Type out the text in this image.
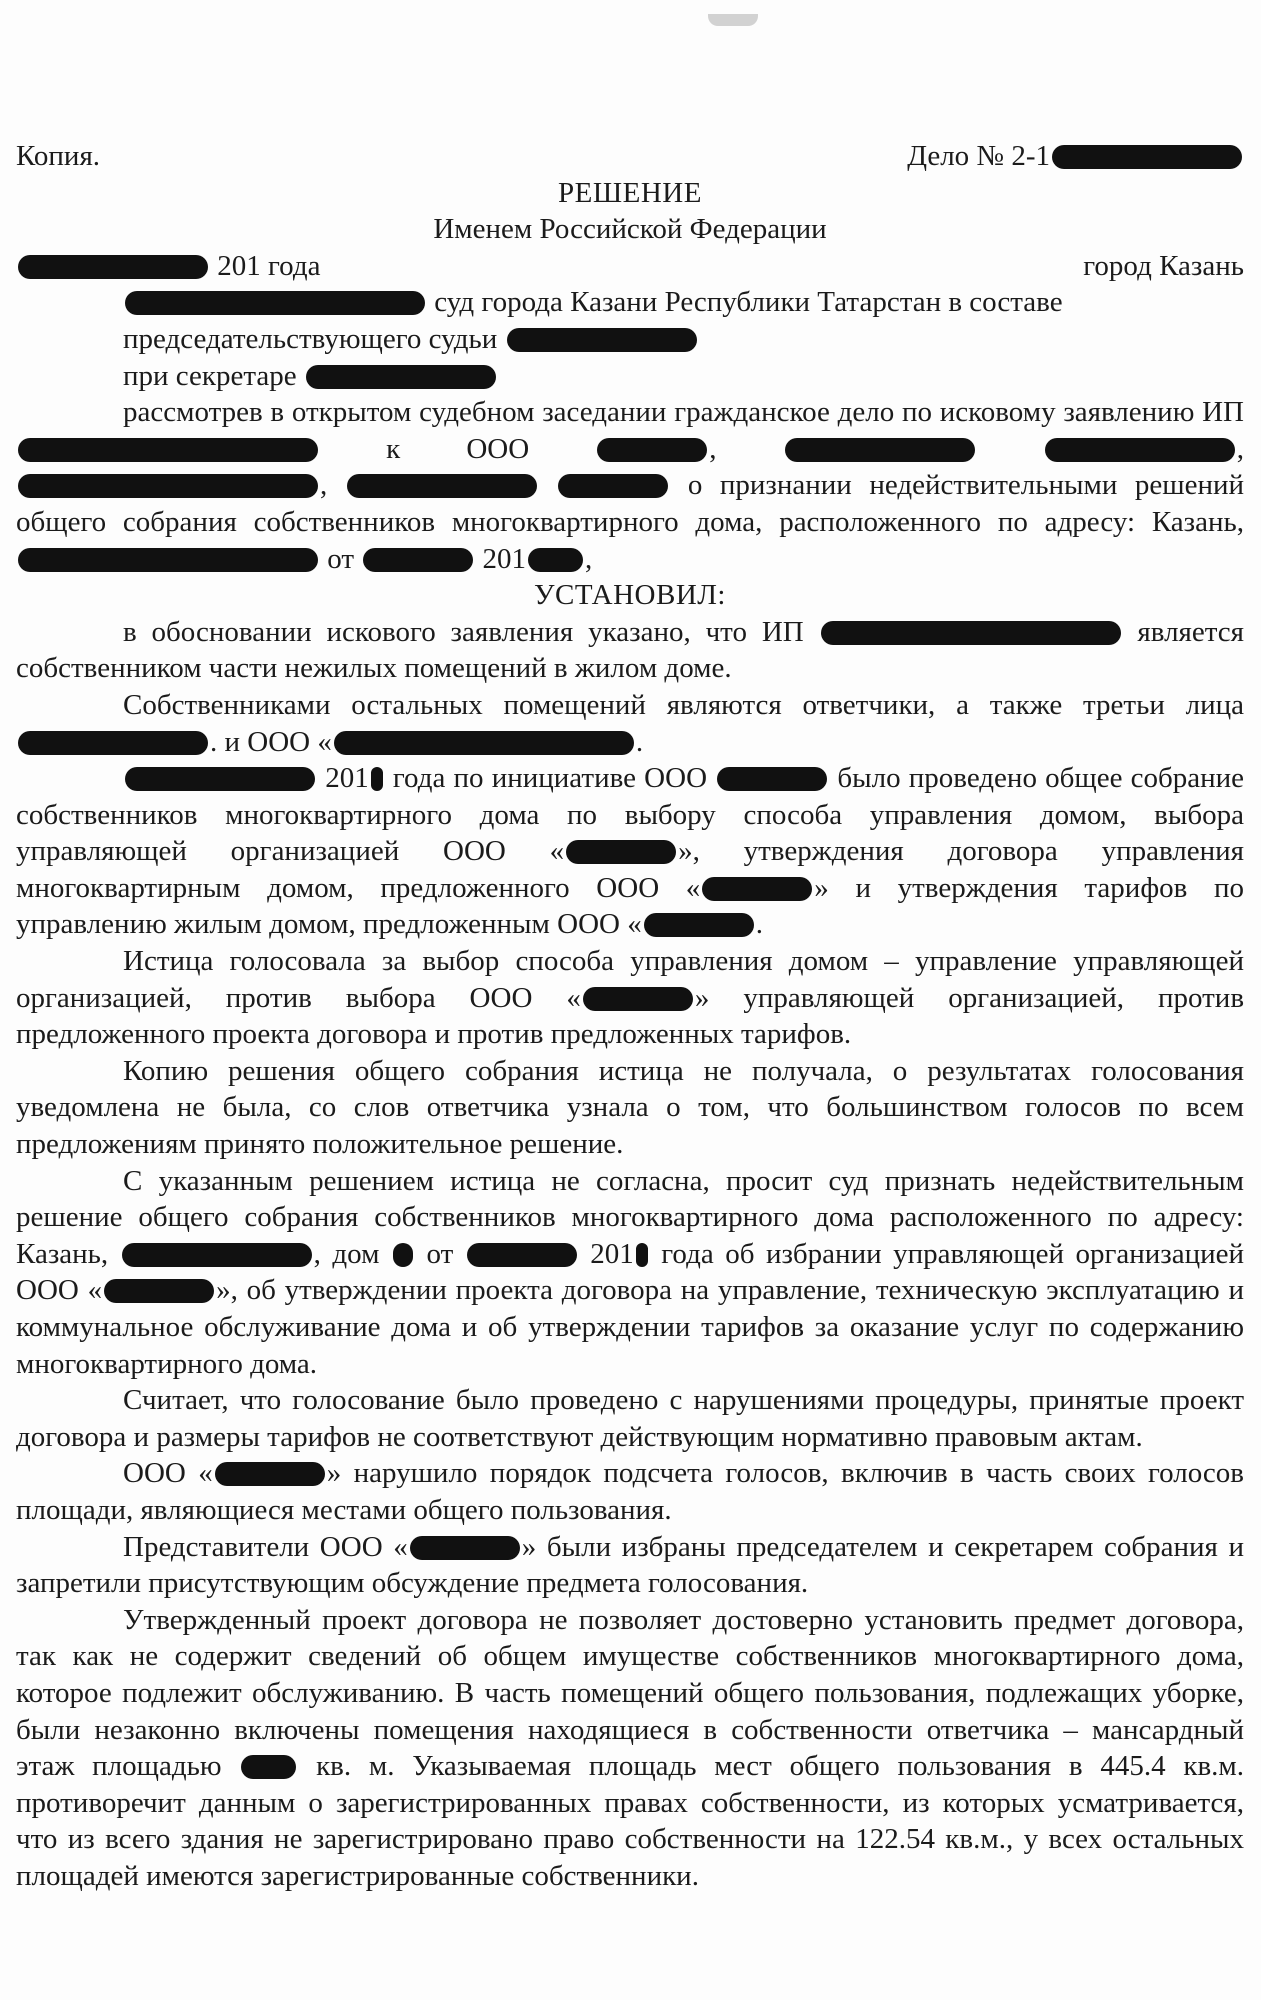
Копия.	Дело № 2-1
РЕШЕНИЕ
Именем Российской Федерации
201 года	город Казань
суд города Казани Республики Татарстан в составе
председательствующего судьи
при секретаре

рассмотрев в открытом судебном заседании гражданское дело по исковому заявлению ИП  к ООО	,	, ,	о признании недействительными решений общего собрания собственников многоквартирного дома, расположенного по адресу: Казань,  от	201 ,

УСТАНОВИЛ:

в обосновании искового заявления указано, что ИП	является собственником части нежилых помещений в жилом доме.

Собственниками остальных помещений являются ответчики, а также третьи лица . и ООО «	.

201 года по инициативе ООО	было проведено общее собрание собственников многоквартирного дома по выбору способа управления домом, выбора управляющей организацией ООО «	», утверждения договора управления многоквартирным домом, предложенного ООО «	» и утверждения тарифов по управлению жилым домом, предложенным ООО «	.

Истица голосовала за выбор способа управления домом – управление управляющей организацией, против выбора ООО «	» управляющей организацией, против предложенного проекта договора и против предложенных тарифов.

Копию решения общего собрания истица не получала, о результатах голосования уведомлена не была, со слов ответчика узнала о том, что большинством голосов по всем предложениям принято положительное решение.

С указанным решением истица не согласна, просит суд признать недействительным решение общего собрания собственников многоквартирного дома расположенного по адресу: Казань,	, дом от	201 года об избрании управляющей организацией ООО «	», об утверждении проекта договора на управление, техническую эксплуатацию и коммунальное обслуживание дома и об утверждении тарифов за оказание услуг по содержанию многоквартирного дома.

Считает, что голосование было проведено с нарушениями процедуры, принятые проект договора и размеры тарифов не соответствуют действующим нормативно правовым актам.

ООО «	» нарушило порядок подсчета голосов, включив в часть своих голосов площади, являющиеся местами общего пользования.

Представители ООО «	» были избраны председателем и секретарем собрания и запретили присутствующим обсуждение предмета голосования.

Утвержденный проект договора не позволяет достоверно установить предмет договора, так как не содержит сведений об общем имуществе собственников многоквартирного дома, которое подлежит обслуживанию. В часть помещений общего пользования, подлежащих уборке, были незаконно включены помещения находящиеся в собственности ответчика – мансардный этаж площадью	кв. м. Указываемая площадь мест общего пользования в 445.4 кв.м. противоречит данным о зарегистрированных правах собственности, из которых усматривается, что из всего здания не зарегистрировано право собственности на 122.54 кв.м., у всех остальных площадей имеются зарегистрированные собственники.
